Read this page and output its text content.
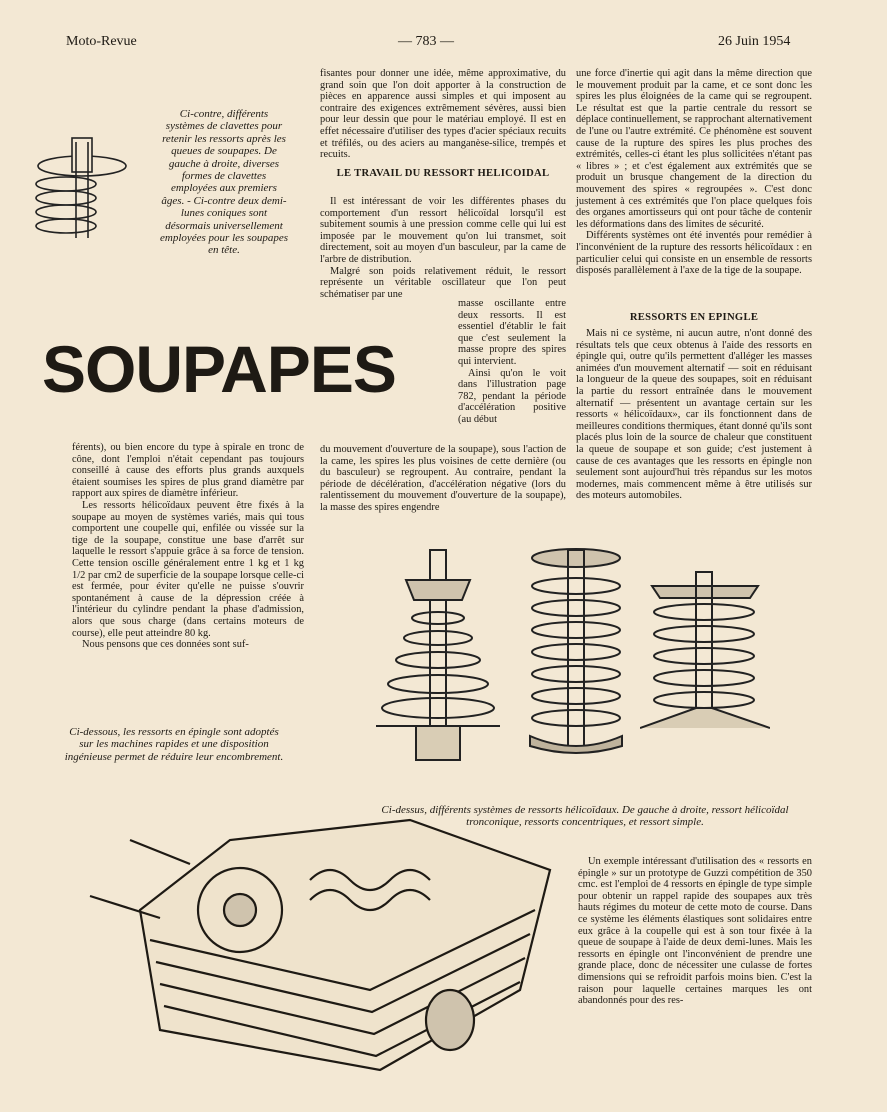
Moto-Revue	— 783 —	26 Juin 1954
Ci-contre, différents systèmes de clavettes pour retenir les ressorts après les queues de soupapes. De gauche à droite, diverses formes de clavettes employées aux premiers âges. - Ci-contre deux demi-lunes coniques sont désormais universellement employées pour les soupapes en tête.
fisantes pour donner une idée, même approximative, du grand soin que l'on doit apporter à la construction de pièces en apparence aussi simples et qui imposent au contraire des exigences extrêmement sévères, aussi bien pour leur dessin que pour le matériau employé. Il est en effet nécessaire d'utiliser des types d'acier spéciaux recuits et tréfilés, ou des aciers au manganèse-silice, trempés et recuits.
LE TRAVAIL DU RESSORT HELICOIDAL

Il est intéressant de voir les différentes phases du comportement d'un ressort hélicoïdal lorsqu'il est subitement soumis à une pression comme celle qui lui est imposée par le mouvement qu'on lui transmet, soit directement, soit au moyen d'un basculeur, par la came de l'arbre de distribution.

Malgré son poids relativement réduit, le ressort représente un véritable oscillateur que l'on peut schématiser par une

masse oscillante entre deux ressorts. Il est essentiel d'établir le fait que c'est seulement la masse propre des spires qui intervient.

Ainsi qu'on le voit dans l'illustration page 782, pendant la période d'accélération positive (au début

SOUPAPES
du mouvement d'ouverture de la soupape), sous l'action de la came, les spires les plus voisines de cette dernière (ou du basculeur) se regroupent. Au contraire, pendant la période de décélération, d'accélération négative (lors du ralentissement du mouvement d'ouverture de la soupape), la masse des spires engendre

férents), ou bien encore du type à spirale en tronc de cône, dont l'emploi n'était cependant pas toujours conseillé à cause des efforts plus grands auxquels étaient soumises les spires de plus grand diamètre par rapport aux spires de diamètre inférieur.

Les ressorts hélicoïdaux peuvent être fixés à la soupape au moyen de systèmes variés, mais qui tous comportent une coupelle qui, enfilée ou vissée sur la tige de la soupape, constitue une base d'arrêt sur laquelle le ressort s'appuie grâce à sa force de tension. Cette tension oscille généralement entre 1 kg et 1 kg 1/2 par cm2 de superficie de la soupape lorsque celle-ci est fermée, pour éviter qu'elle ne puisse s'ouvrir spontanément à cause de la dépression créée à l'intérieur du cylindre pendant la phase d'admission, alors que sous charge (dans certains moteurs de course), elle peut atteindre 80 kg.

Nous pensons que ces données sont suf-

une force d'inertie qui agit dans la même direction que le mouvement produit par la came, et ce sont donc les spires les plus éloignées de la came qui se regroupent. Le résultat est que la partie centrale du ressort se déplace continuellement, se rapprochant alternativement de l'une ou l'autre extrémité. Ce phénomène est souvent cause de la rupture des spires les plus proches des extrémités, celles-ci étant les plus sollicitées n'étant pas « libres » ; et c'est également aux extrémités que se produit un brusque changement de la direction du mouvement des spires « regroupées ». C'est donc justement à ces extrémités que l'on place quelques fois des organes amortisseurs qui ont pour tâche de contenir les déformations dans des limites de sécurité.

Différents systèmes ont été inventés pour remédier à l'inconvénient de la rupture des ressorts hélicoïdaux : en particulier celui qui consiste en un ensemble de ressorts disposés parallèlement à l'axe de la tige de la soupape.

RESSORTS EN EPINGLE

Mais ni ce système, ni aucun autre, n'ont donné des résultats tels que ceux obtenus à l'aide des ressorts en épingle qui, outre qu'ils permettent d'alléger les masses animées d'un mouvement alternatif — soit en réduisant la longueur de la queue des soupapes, soit en réduisant la partie du ressort entraînée dans le mouvement alternatif — présentent un avantage certain sur les ressorts « hélicoïdaux», car ils fonctionnent dans de meilleures conditions thermiques, étant donné qu'ils sont placés plus loin de la source de chaleur que constituent la queue de soupape et son guide; c'est justement à cause de ces avantages que les ressorts en épingle non seulement sont aujourd'hui très répandus sur les motos modernes, mais commencent même à être utilisés sur des moteurs automobiles.

Ci-dessous, les ressorts en épingle sont adoptés sur les machines rapides et une disposition ingénieuse permet de réduire leur encombrement.
Ci-dessus, différents systèmes de ressorts hélicoïdaux. De gauche à droite, ressort hélicoïdal tronconique, ressorts concentriques, et ressort simple.

Un exemple intéressant d'utilisation des « ressorts en épingle » sur un prototype de Guzzi compétition de 350 cmc. est l'emploi de 4 ressorts en épingle de type simple pour obtenir un rappel rapide des soupapes aux très hauts régimes du moteur de cette moto de course. Dans ce système les éléments élastiques sont solidaires entre eux grâce à la coupelle qui est à son tour fixée à la queue de soupape à l'aide de deux demi-lunes. Mais les ressorts en épingle ont l'inconvénient de prendre une grande place, donc de nécessiter une culasse de fortes dimensions qui se refroidit parfois moins bien. C'est la raison pour laquelle certaines marques les ont abandonnés pour des res-
